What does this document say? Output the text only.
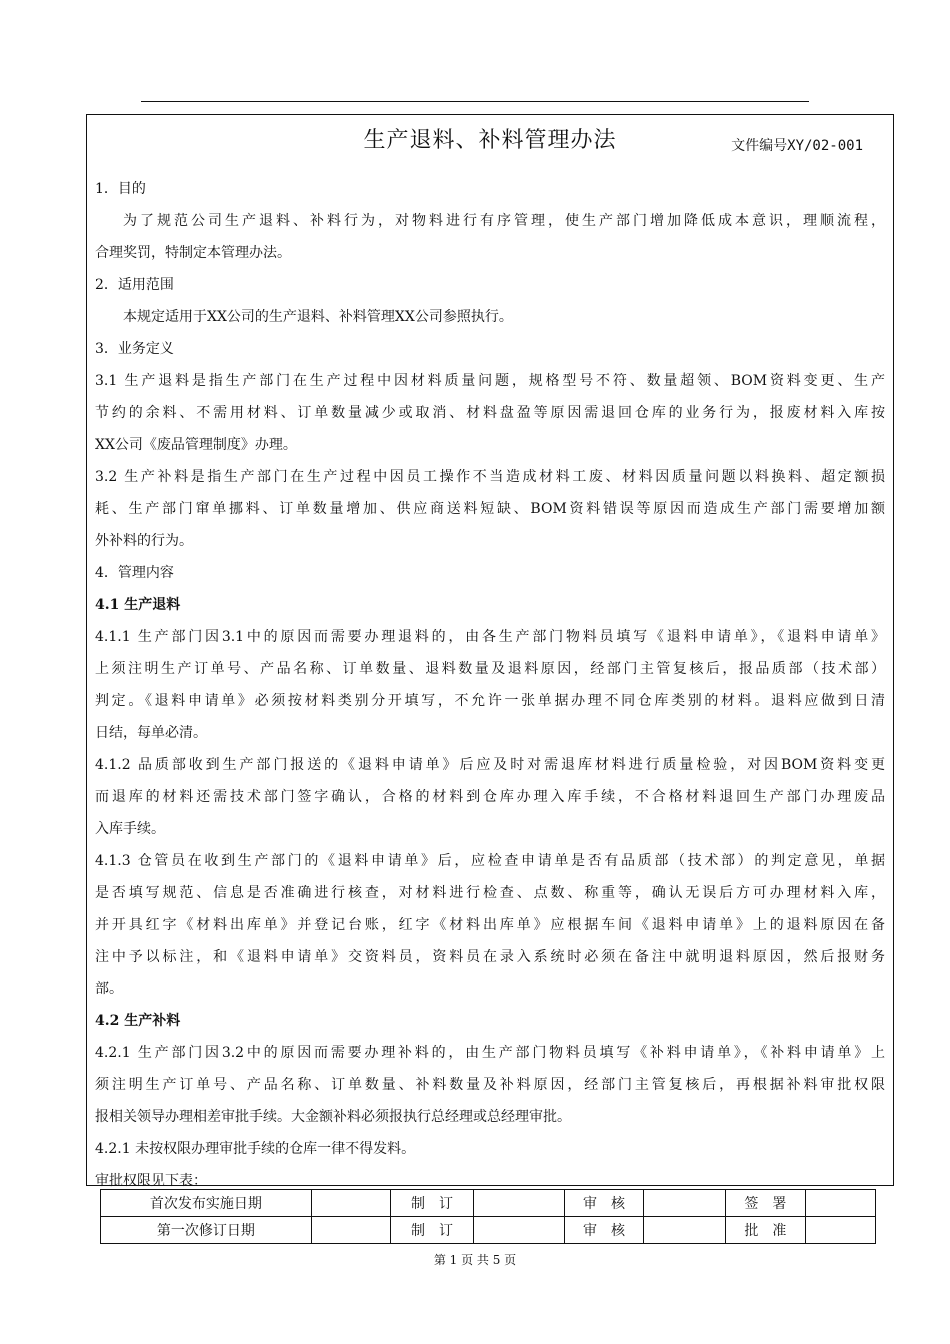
生产退料、补料管理办法	文件编号XY/02-001
1．目的
为了规范公司生产退料、补料行为，对物料进行有序管理，使生产部门增加降低成本意识，理顺流程，
合理奖罚，特制定本管理办法。
2．适用范围
本规定适用于XX公司的生产退料、补料管理XX公司参照执行。
3．业务定义
3.1 生产退料是指生产部门在生产过程中因材料质量问题，规格型号不符、数量超领、BOM资料变更、生产
节约的余料、不需用材料、订单数量减少或取消、材料盘盈等原因需退回仓库的业务行为，报废材料入库按
XX公司《废品管理制度》办理。
3.2 生产补料是指生产部门在生产过程中因员工操作不当造成材料工废、材料因质量问题以料换料、超定额损
耗、生产部门窜单挪料、订单数量增加、供应商送料短缺、BOM资料错误等原因而造成生产部门需要增加额
外补料的行为。
4．管理内容
4.1 生产退料
4.1.1 生产部门因3.1中的原因而需要办理退料的，由各生产部门物料员填写《退料申请单》，《退料申请单》
上须注明生产订单号、产品名称、订单数量、退料数量及退料原因，经部门主管复核后，报品质部（技术部）
判定。《退料申请单》必须按材料类别分开填写，不允许一张单据办理不同仓库类别的材料。退料应做到日清
日结，每单必清。
4.1.2 品质部收到生产部门报送的《退料申请单》后应及时对需退库材料进行质量检验，对因BOM资料变更
而退库的材料还需技术部门签字确认，合格的材料到仓库办理入库手续，不合格材料退回生产部门办理废品
入库手续。
4.1.3 仓管员在收到生产部门的《退料申请单》后，应检查申请单是否有品质部（技术部）的判定意见，单据
是否填写规范、信息是否准确进行核查，对材料进行检查、点数、称重等，确认无误后方可办理材料入库，
并开具红字《材料出库单》并登记台账，红字《材料出库单》应根据车间《退料申请单》上的退料原因在备
注中予以标注，和《退料申请单》交资料员，资料员在录入系统时必须在备注中就明退料原因，然后报财务
部。
4.2 生产补料
4.2.1 生产部门因3.2中的原因而需要办理补料的，由生产部门物料员填写《补料申请单》，《补料申请单》上
须注明生产订单号、产品名称、订单数量、补料数量及补料原因，经部门主管复核后，再根据补料审批权限
报相关领导办理相差审批手续。大金额补料必须报执行总经理或总经理审批。
4.2.1 未按权限办理审批手续的仓库一律不得发料。
审批权限见下表：
首次发布实施日期		制　订		审　核		签　署	
第一次修订日期		制　订		审　核		批　准	
第 1 页 共 5 页
